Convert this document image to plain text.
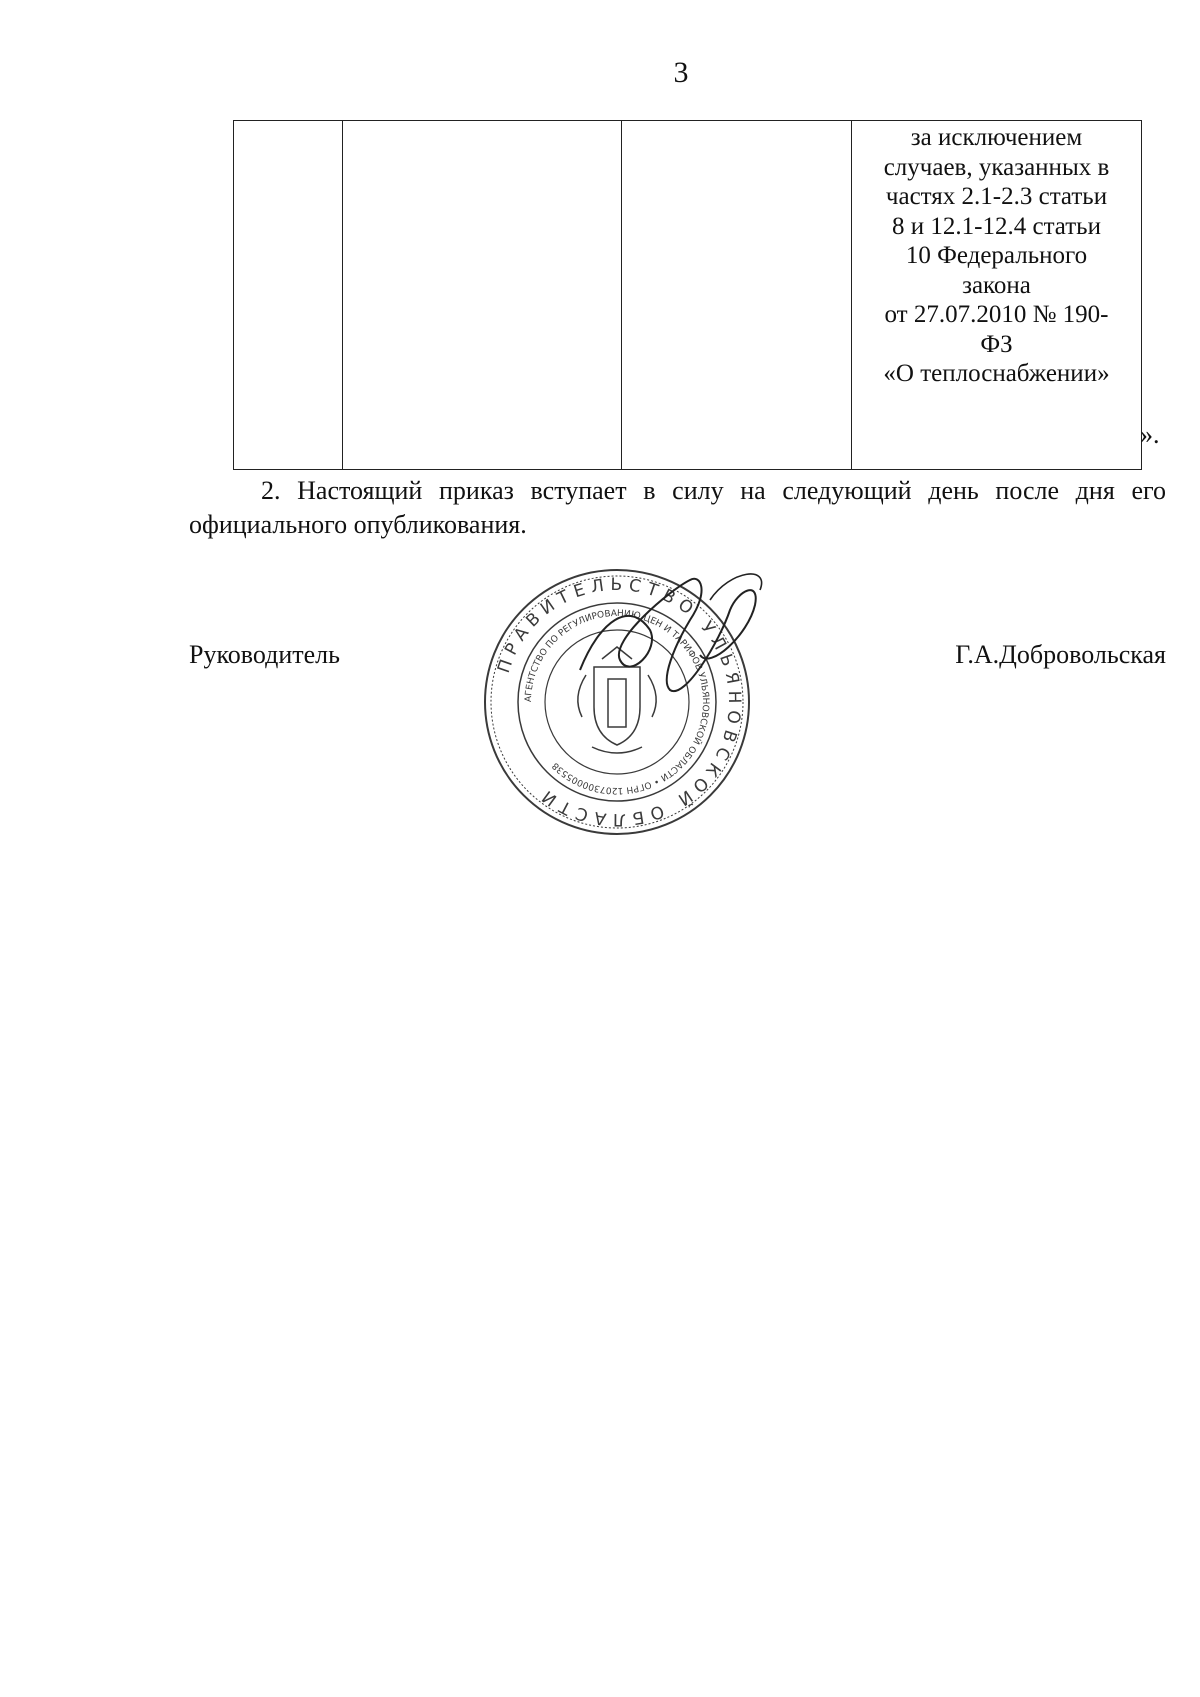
3

за исключением
случаев, указанных в
частях 2.1-2.3 статьи
8 и 12.1-12.4 статьи
10 Федерального
закона
от 27.07.2010 № 190-
ФЗ
«О теплоснабжении»
».
2. Настоящий приказ вступает в силу на следующий день после дня его официального опубликования.
Руководитель	Г.А.Добровольская
ПРАВИТЕЛЬСТВО УЛЬЯНОВСКОЙ ОБЛАСТИ
АГЕНТСТВО ПО РЕГУЛИРОВАНИЮ ЦЕН И ТАРИФОВ УЛЬЯНОВСКОЙ ОБЛАСТИ • ОГРН 1207300005538
